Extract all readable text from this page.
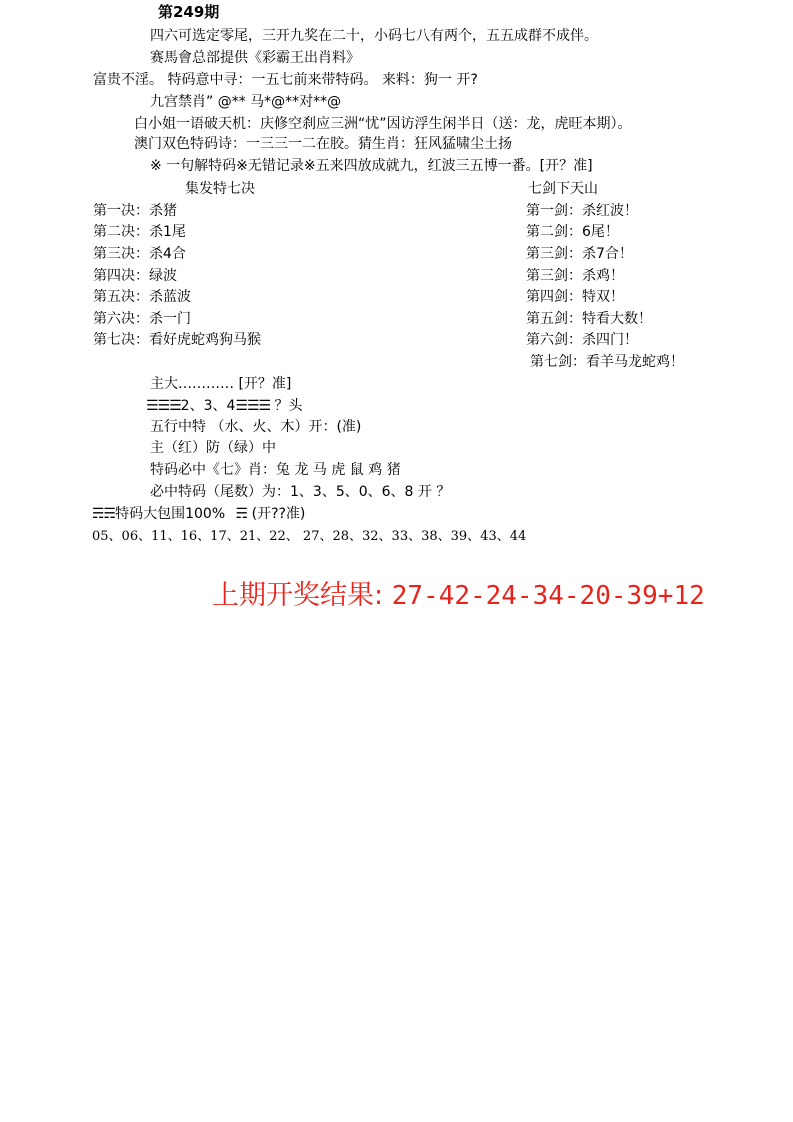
第249期
四六可选定零尾，三开九奖在二十，小码七八有两个，五五成群不成伴。
赛馬會总部提供《彩霸王出肖料》
富贵不淫。 特码意中寻：一五七前来带特码。 来料：狗一 开?
九宫禁肖” @** 马*@**对**@
白小姐一语破天机：庆修空刹应三洲“忧”因访浮生闲半日（送：龙，虎旺本期）。
澳门双色特码诗：一三三一二在胶。猜生肖：狂风猛啸尘土扬
※ 一句解特码※无错记录※五来四放成就九，红波三五博一番。[开？准]
集发特七决	七剑下天山
第一决：杀猪
第二决：杀1尾
第三决：杀4合
第四决：绿波
第五决：杀蓝波
第六决：杀一门
第七决：看好虎蛇鸡狗马猴
第一剑：杀红波！
第二剑：6尾！
第三剑：杀7合！
第三剑：杀鸡！
第四剑：特双！
第五剑：特看大数！
第六剑：杀四门！
第七剑：看羊马龙蛇鸡！
主大………… [开？准]
☰☰☰2、3、4☰☰☰ ？头
五行中特 （水、火、木）开：(准)
主（红）防（绿）中
特码必中《七》肖：兔 龙 马 虎 鼠 鸡 猪
必中特码（尾数）为：1、3、5、0、6、8 开 ？
☴☴特码大包围100% ☴ (开??准)
05、06、11、16、17、21、22、 27、28、32、33、38、39、43、44
上期开奖结果: 27-42-24-34-20-39+12
